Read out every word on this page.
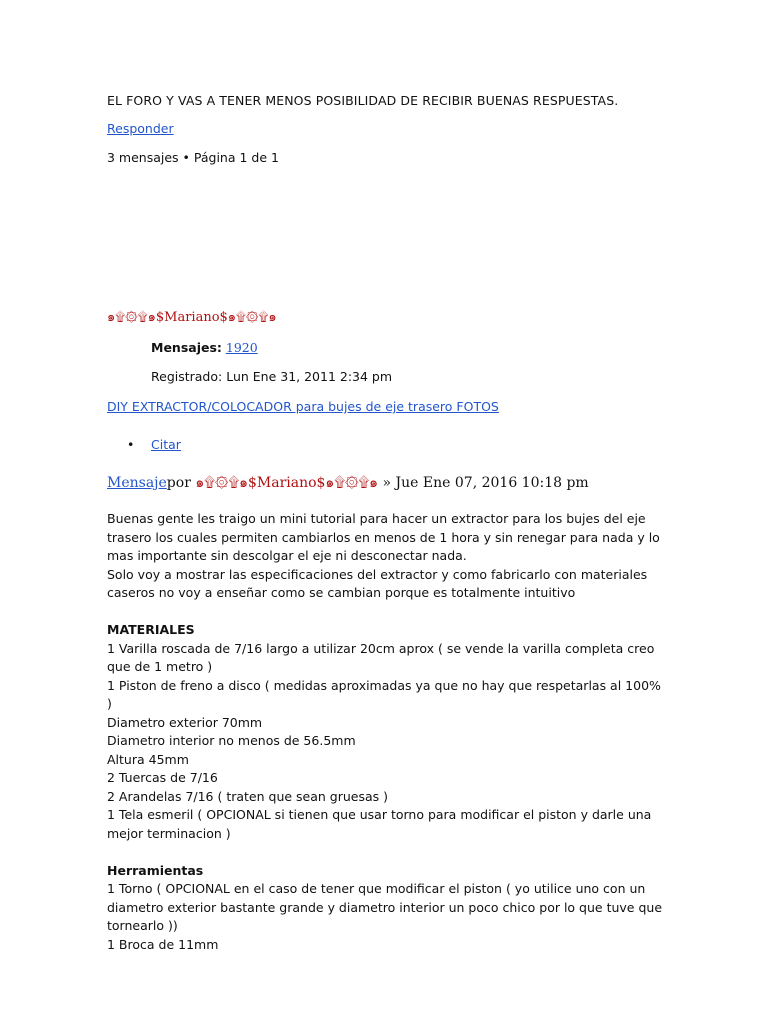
EL FORO Y VAS A TENER MENOS POSIBILIDAD DE RECIBIR BUENAS RESPUESTAS.
Responder
3 mensajes • Página 1 de 1
๑۩۞۩๑$Mariano$๑۩۞۩๑
Mensajes: 1920
Registrado: Lun Ene 31, 2011 2:34 pm
DIY EXTRACTOR/COLOCADOR para bujes de eje trasero FOTOS
• Citar
Mensajepor ๑۩۞۩๑$Mariano$๑۩۞۩๑ » Jue Ene 07, 2016 10:18 pm

Buenas gente les traigo un mini tutorial para hacer un extractor para los bujes del eje trasero los cuales permiten cambiarlos en menos de 1 hora y sin renegar para nada y lo mas importante sin descolgar el eje ni desconectar nada.

Solo voy a mostrar las especificaciones del extractor y como fabricarlo con materiales caseros no voy a enseñar como se cambian porque es totalmente intuitivo

MATERIALES

1 Varilla roscada de 7/16 largo a utilizar 20cm aprox ( se vende la varilla completa creo que de 1 metro )

1 Piston de freno a disco ( medidas aproximadas ya que no hay que respetarlas al 100% )

Diametro exterior 70mm

Diametro interior no menos de 56.5mm

Altura 45mm

2 Tuercas de 7/16

2 Arandelas 7/16 ( traten que sean gruesas )

1 Tela esmeril ( OPCIONAL si tienen que usar torno para modificar el piston y darle una mejor terminacion )

Herramientas

1 Torno ( OPCIONAL en el caso de tener que modificar el piston ( yo utilice uno con un diametro exterior bastante grande y diametro interior un poco chico por lo que tuve que tornearlo ))

1 Broca de 11mm
